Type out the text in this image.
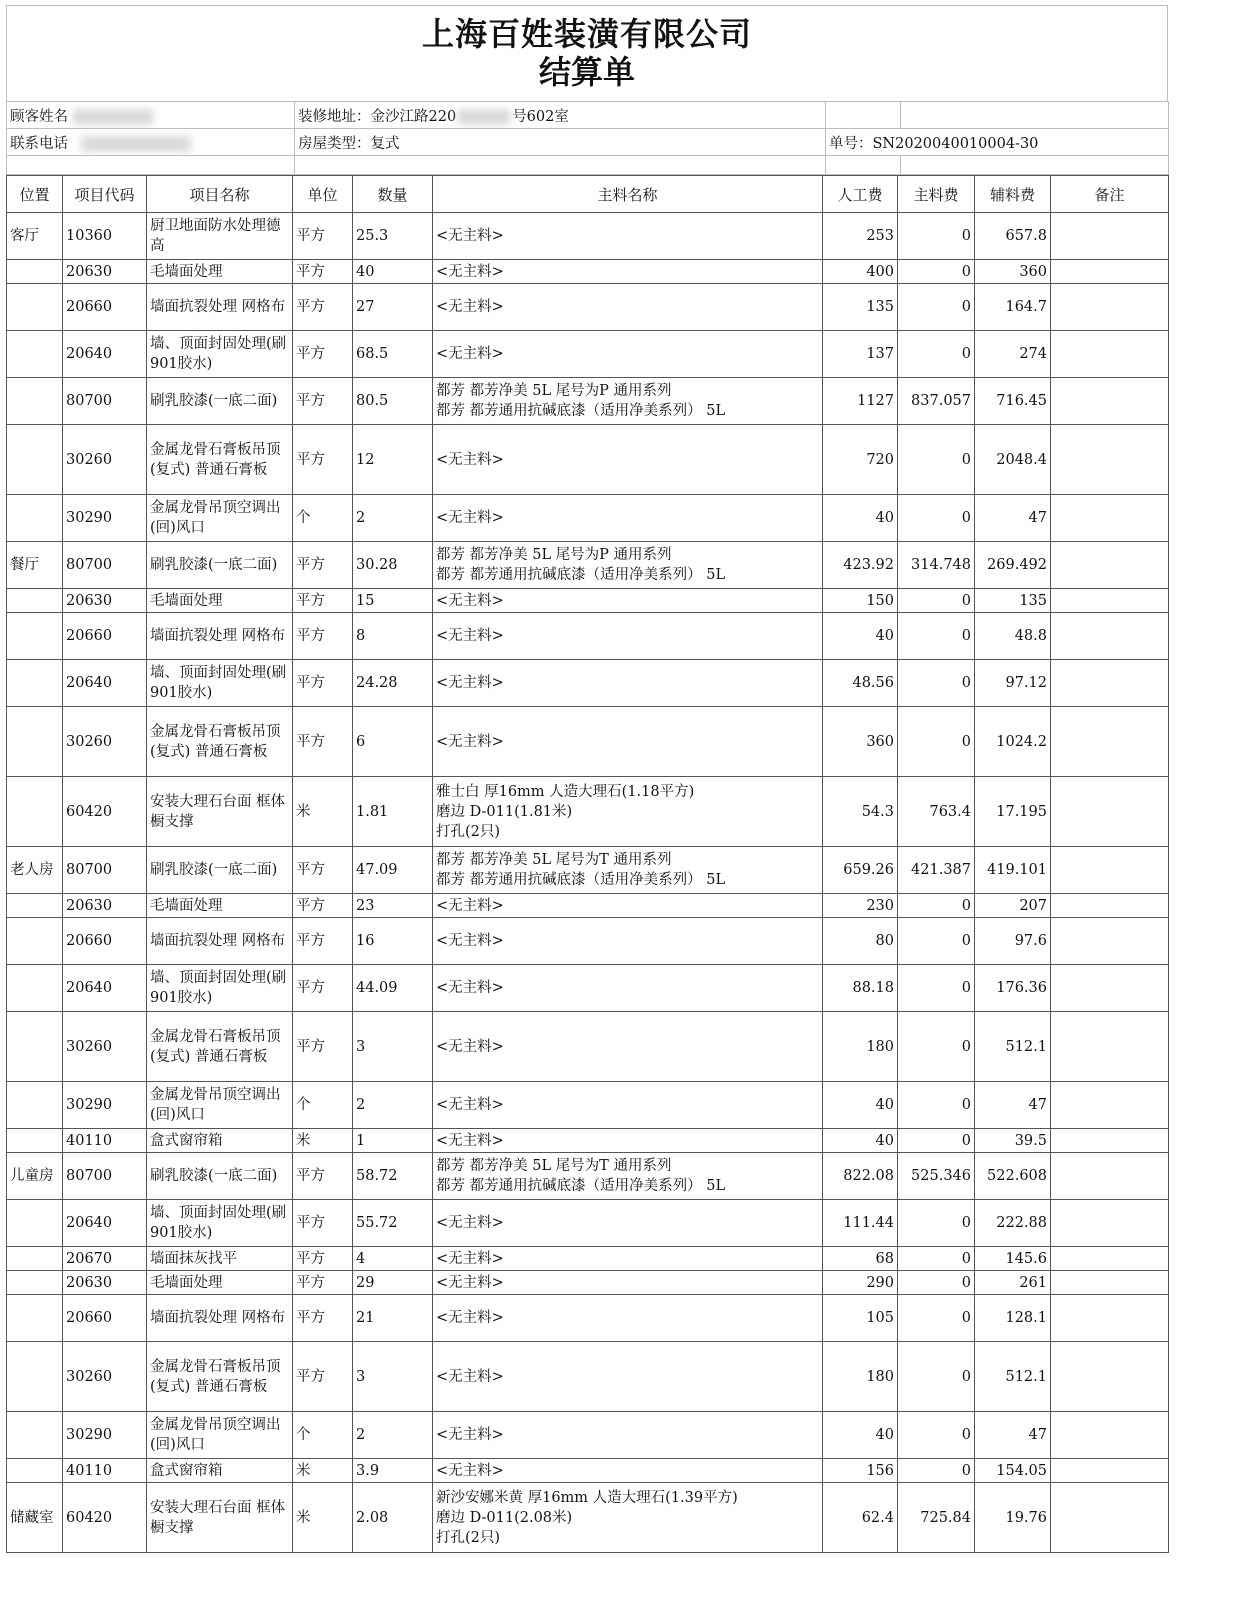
上海百姓装潢有限公司
结算单
顾客姓名	装修地址：金沙江路220 号602室		
联系电话	房屋类型：复式	单号：SN2020040010004-30	

位置	项目代码	项目名称	单位	数量	主料名称	人工费	主料费	辅料费	备注
客厅	10360	厨卫地面防水处理德高	平方	25.3	<无主料>	253	0	657.8	
	20630	毛墙面处理	平方	40	<无主料>	400	0	360	
	20660	墙面抗裂处理 网格布	平方	27	<无主料>	135	0	164.7	
	20640	墙、顶面封固处理(刷901胶水)	平方	68.5	<无主料>	137	0	274	
	80700	刷乳胶漆(一底二面)	平方	80.5	都芳 都芳净美 5L 尾号为P 通用系列
都芳 都芳通用抗碱底漆（适用净美系列） 5L	1127	837.057	716.45	
	30260	金属龙骨石膏板吊顶(复式) 普通石膏板	平方	12	<无主料>	720	0	2048.4	
	30290	金属龙骨吊顶空调出(回)风口	个	2	<无主料>	40	0	47	
餐厅	80700	刷乳胶漆(一底二面)	平方	30.28	都芳 都芳净美 5L 尾号为P 通用系列
都芳 都芳通用抗碱底漆（适用净美系列） 5L	423.92	314.748	269.492	
	20630	毛墙面处理	平方	15	<无主料>	150	0	135	
	20660	墙面抗裂处理 网格布	平方	8	<无主料>	40	0	48.8	
	20640	墙、顶面封固处理(刷901胶水)	平方	24.28	<无主料>	48.56	0	97.12	
	30260	金属龙骨石膏板吊顶(复式) 普通石膏板	平方	6	<无主料>	360	0	1024.2	
	60420	安装大理石台面 框体橱支撑	米	1.81	雅士白 厚16mm 人造大理石(1.18平方)
磨边 D-011(1.81米)
打孔(2只)	54.3	763.4	17.195	
老人房	80700	刷乳胶漆(一底二面)	平方	47.09	都芳 都芳净美 5L 尾号为T 通用系列
都芳 都芳通用抗碱底漆（适用净美系列） 5L	659.26	421.387	419.101	
	20630	毛墙面处理	平方	23	<无主料>	230	0	207	
	20660	墙面抗裂处理 网格布	平方	16	<无主料>	80	0	97.6	
	20640	墙、顶面封固处理(刷901胶水)	平方	44.09	<无主料>	88.18	0	176.36	
	30260	金属龙骨石膏板吊顶(复式) 普通石膏板	平方	3	<无主料>	180	0	512.1	
	30290	金属龙骨吊顶空调出(回)风口	个	2	<无主料>	40	0	47	
	40110	盒式窗帘箱	米	1	<无主料>	40	0	39.5	
儿童房	80700	刷乳胶漆(一底二面)	平方	58.72	都芳 都芳净美 5L 尾号为T 通用系列
都芳 都芳通用抗碱底漆（适用净美系列） 5L	822.08	525.346	522.608	
	20640	墙、顶面封固处理(刷901胶水)	平方	55.72	<无主料>	111.44	0	222.88	
	20670	墙面抹灰找平	平方	4	<无主料>	68	0	145.6	
	20630	毛墙面处理	平方	29	<无主料>	290	0	261	
	20660	墙面抗裂处理 网格布	平方	21	<无主料>	105	0	128.1	
	30260	金属龙骨石膏板吊顶(复式) 普通石膏板	平方	3	<无主料>	180	0	512.1	
	30290	金属龙骨吊顶空调出(回)风口	个	2	<无主料>	40	0	47	
	40110	盒式窗帘箱	米	3.9	<无主料>	156	0	154.05	
储藏室	60420	安装大理石台面 框体橱支撑	米	2.08	新沙安娜米黄 厚16mm 人造大理石(1.39平方)
磨边 D-011(2.08米)
打孔(2只)	62.4	725.84	19.76	
